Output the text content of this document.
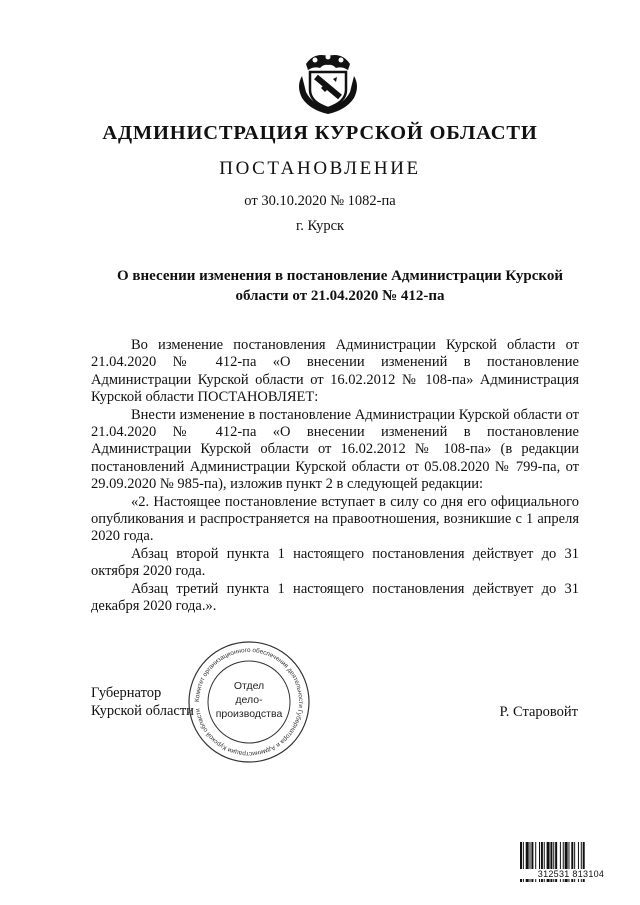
АДМИНИСТРАЦИЯ КУРСКОЙ ОБЛАСТИ
ПОСТАНОВЛЕНИЕ
от 30.10.2020 № 1082-па
г. Курск
О внесении изменения в постановление Администрации Курской
области от 21.04.2020 № 412-па

Во изменение постановления Администрации Курской области от 21.04.2020 № 412-па «О внесении изменений в постановление Администрации Курской области от 16.02.2012 № 108-па» Администрация Курской области ПОСТАНОВЛЯЕТ:

Внести изменение в постановление Администрации Курской области от 21.04.2020 № 412-па «О внесении изменений в постановление Администрации Курской области от 16.02.2012 № 108-па» (в редакции постановлений Администрации Курской области от 05.08.2020 № 799-па, от 29.09.2020 № 985-па), изложив пункт 2 в следующей редакции:

«2. Настоящее постановление вступает в силу со дня его официального опубликования и распространяется на правоотношения, возникшие с 1 апреля 2020 года.

Абзац второй пункта 1 настоящего постановления действует до 31 октября 2020 года.

Абзац третий пункта 1 настоящего постановления действует до 31 декабря 2020 года.».

Губернатор
Курской области
Комитет организационного обеспечения деятельности Губернатора и Администрации Курской области
Отдел
дело-
производства	Р. Старовойт
312531 813104
